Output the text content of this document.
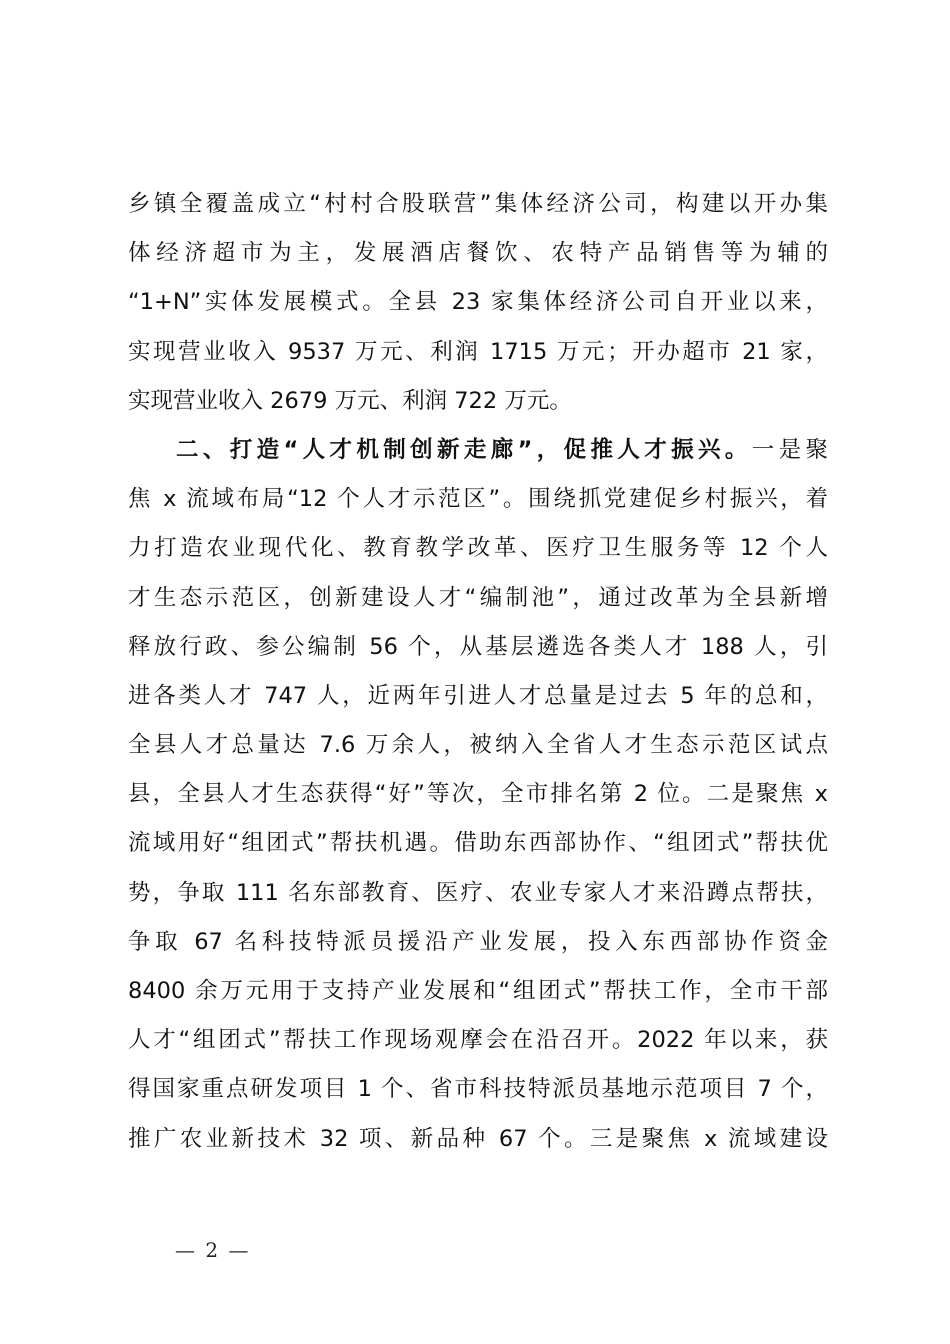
乡镇全覆盖成立“村村合股联营”集体经济公司，构建以开办集
体经济超市为主，发展酒店餐饮、农特产品销售等为辅的
“1+N”实体发展模式。全县 23 家集体经济公司自开业以来，
实现营业收入 9537 万元、利润 1715 万元；开办超市 21 家，
实现营业收入 2679 万元、利润 722 万元。
二、打造“人才机制创新走廊”，促推人才振兴。一是聚
焦 x 流域布局“12 个人才示范区”。围绕抓党建促乡村振兴，着
力打造农业现代化、教育教学改革、医疗卫生服务等 12 个人
才生态示范区，创新建设人才“编制池”，通过改革为全县新增
释放行政、参公编制 56 个，从基层遴选各类人才 188 人，引
进各类人才 747 人，近两年引进人才总量是过去 5 年的总和，
全县人才总量达 7.6 万余人，被纳入全省人才生态示范区试点
县，全县人才生态获得“好”等次，全市排名第 2 位。二是聚焦 x
流域用好“组团式”帮扶机遇。借助东西部协作、“组团式”帮扶优
势，争取 111 名东部教育、医疗、农业专家人才来沿蹲点帮扶，
争取 67 名科技特派员援沿产业发展，投入东西部协作资金
8400 余万元用于支持产业发展和“组团式”帮扶工作，全市干部
人才“组团式”帮扶工作现场观摩会在沿召开。2022 年以来，获
得国家重点研发项目 1 个、省市科技特派员基地示范项目 7 个，
推广农业新技术 32 项、新品种 67 个。三是聚焦 x 流域建设
— 2 —
